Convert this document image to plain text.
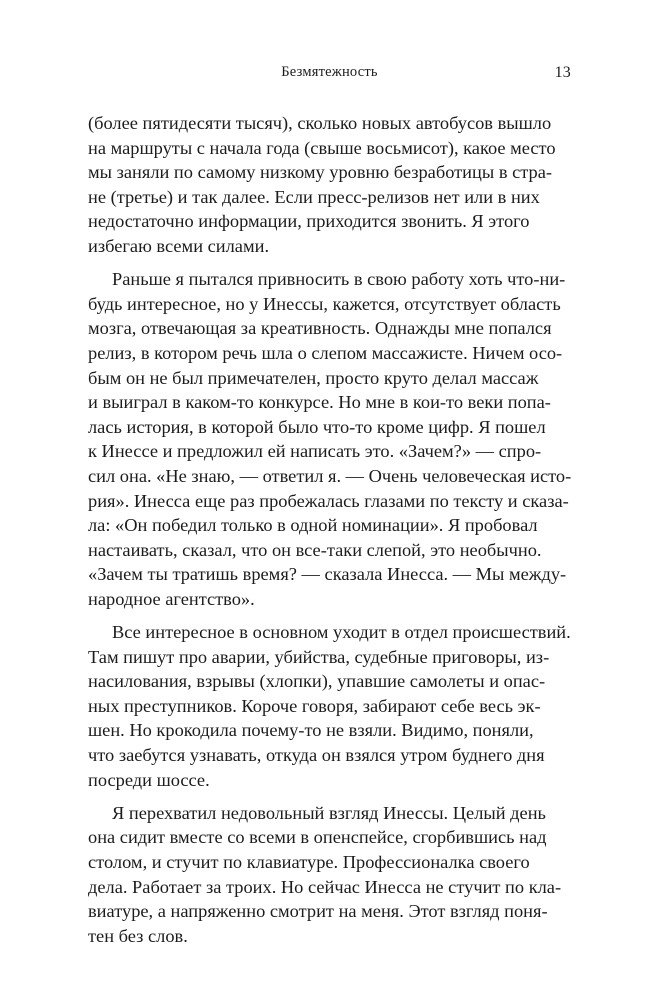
Безмятежность	13
(более пятидесяти тысяч), сколько новых автобусов вышло
на маршруты с начала года (свыше восьмисот), какое место
мы заняли по самому низкому уровню безработицы в стра-
не (третье) и так далее. Если пресс-релизов нет или в них
недостаточно информации, приходится звонить. Я этого
избегаю всеми силами.
Раньше я пытался привносить в свою работу хоть что-ни-
будь интересное, но у Инессы, кажется, отсутствует область
мозга, отвечающая за креативность. Однажды мне попался
релиз, в котором речь шла о слепом массажисте. Ничем осо-
бым он не был примечателен, просто круто делал массаж
и выиграл в каком-то конкурсе. Но мне в кои-то веки попа-
лась история, в которой было что-то кроме цифр. Я пошел
к Инессе и предложил ей написать это. «Зачем?» — спро-
сил она. «Не знаю, — ответил я. — Очень человеческая исто-
рия». Инесса еще раз пробежалась глазами по тексту и сказа-
ла: «Он победил только в одной номинации». Я пробовал
настаивать, сказал, что он все-таки слепой, это необычно.
«Зачем ты тратишь время? — сказала Инесса. — Мы между-
народное агентство».
Все интересное в основном уходит в отдел происшествий.
Там пишут про аварии, убийства, судебные приговоры, из-
насилования, взрывы (хлопки), упавшие самолеты и опас-
ных преступников. Короче говоря, забирают себе весь эк-
шен. Но крокодила почему-то не взяли. Видимо, поняли,
что заебутся узнавать, откуда он взялся утром буднего дня
посреди шоссе.
Я перехватил недовольный взгляд Инессы. Целый день
она сидит вместе со всеми в опенспейсе, сгорбившись над
столом, и стучит по клавиатуре. Профессионалка своего
дела. Работает за троих. Но сейчас Инесса не стучит по кла-
виатуре, а напряженно смотрит на меня. Этот взгляд поня-
тен без слов.
